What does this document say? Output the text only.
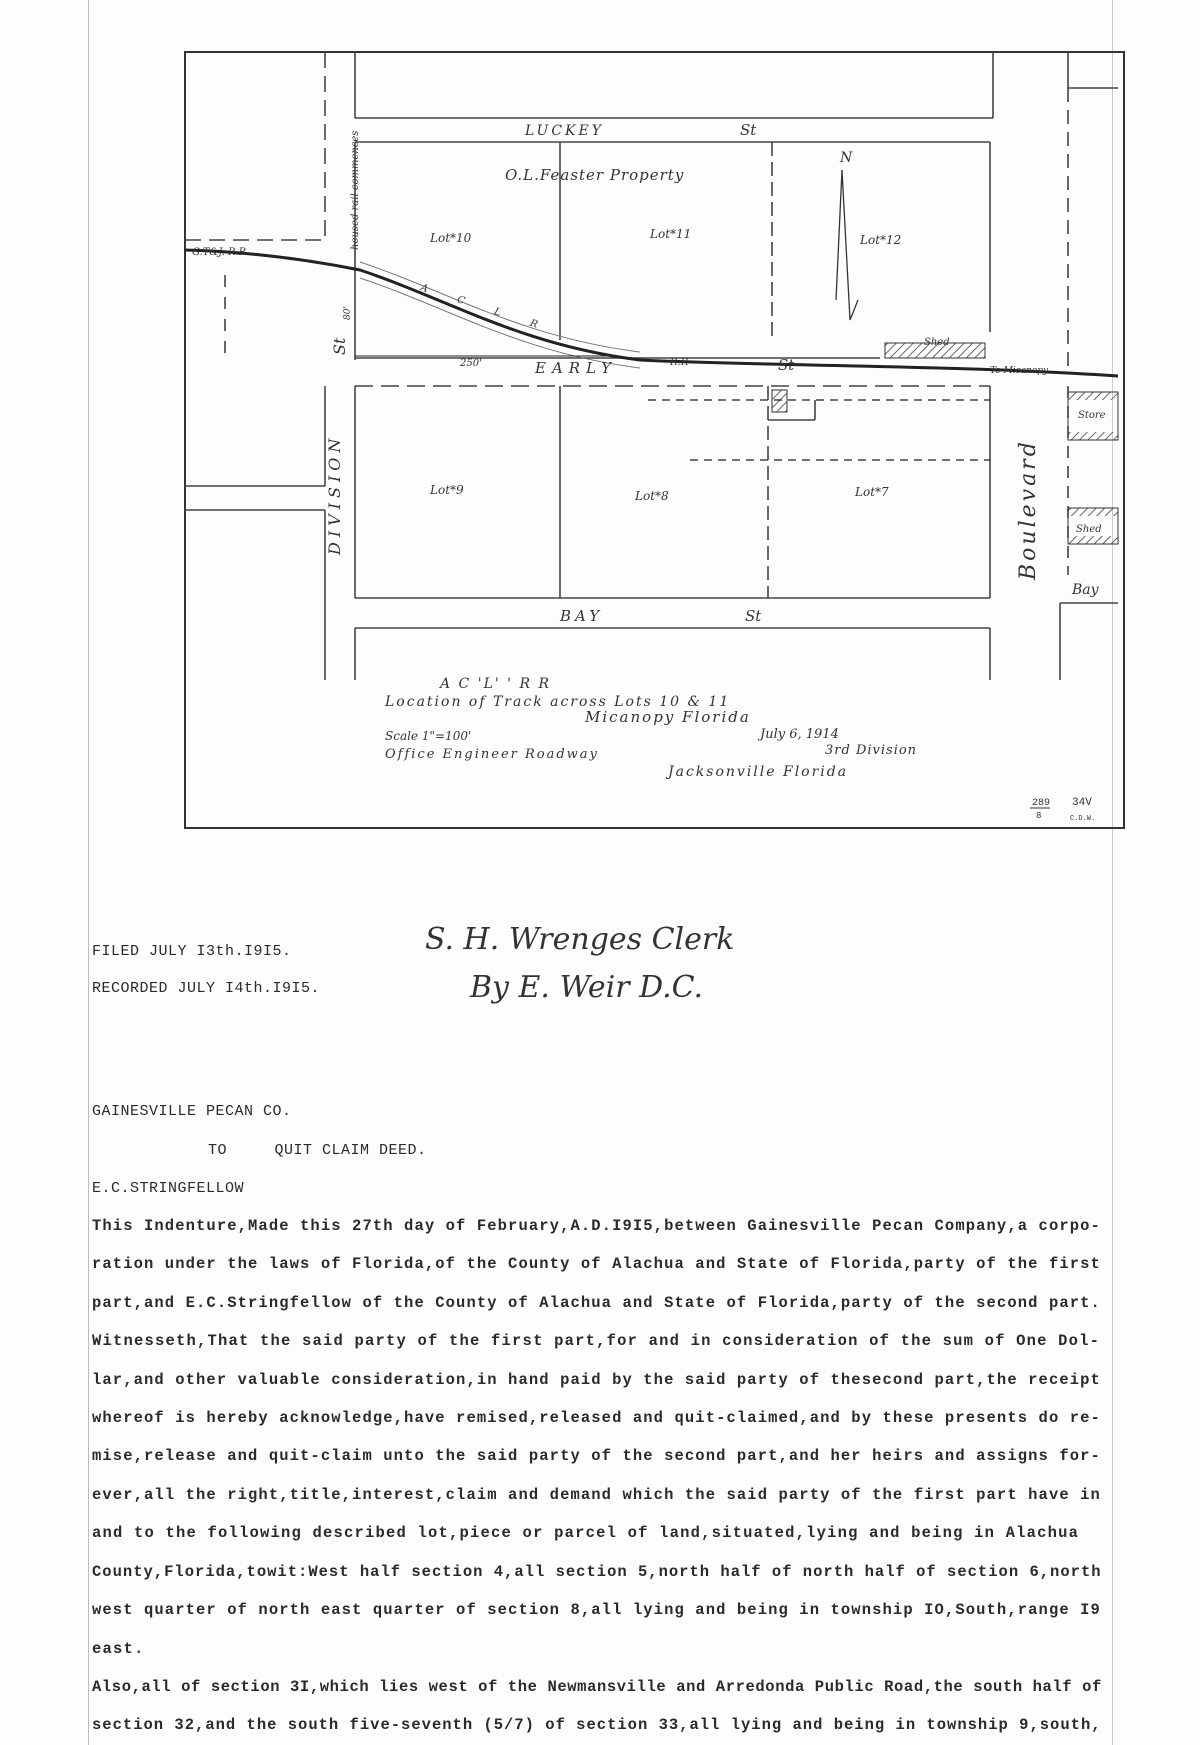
N
LUCKEY	St
EARLY	St
BAY	St
DIVISION
St
Boulevard
Bay
O.L.Feaster Property
Lot*10	Lot*11	Lot*12
Lot*9	Lot*8	Lot*7
G.T&J. R.R
R.R
To Micanopy
Shed
Store
Shed
250'
80'
housed rail commences
A C L R
A C 'L' ' R R
Location of Track across Lots 10 & 11
Micanopy Florida
July 6, 1914
Scale 1"=100'
Office Engineer Roadway	3rd Division
Jacksonville Florida
289
8
34V
C.D.W.
FILED JULY I3th.I9I5.
RECORDED JULY I4th.I9I5.
S. H. Wrenges Clerk
By E. Weir D.C.
GAINESVILLE PECAN CO.
TO     QUIT CLAIM DEED.
E.C.STRINGFELLOW
This Indenture,Made this 27th day of February,A.D.I9I5,between Gainesville Pecan Company,a corpo-
ration under the laws of Florida,of the County of Alachua and State of Florida,party of the first
part,and E.C.Stringfellow of the County of Alachua and State of Florida,party of the second part.
Witnesseth,That the said party of the first part,for and in consideration of the sum of One Dol-
lar,and other valuable consideration,in hand paid by the said party of thesecond part,the receipt
whereof is hereby acknowledge,have remised,released and quit-claimed,and by these presents do re-
mise,release and quit-claim unto the said party of the second part,and her heirs and assigns for-
ever,all the right,title,interest,claim and demand which the said party of the first part have in
and to the following described lot,piece or parcel of land,situated,lying and being in Alachua
County,Florida,towit:West half section 4,all section 5,north half of north half of section 6,north
west quarter of north east quarter of section 8,all lying and being in township IO,South,range I9
east.
Also,all of section 3I,which lies west of the Newmansville and Arredonda Public Road,the south half of
section 32,and the south five-seventh (5/7) of section 33,all lying and being in township 9,south,
